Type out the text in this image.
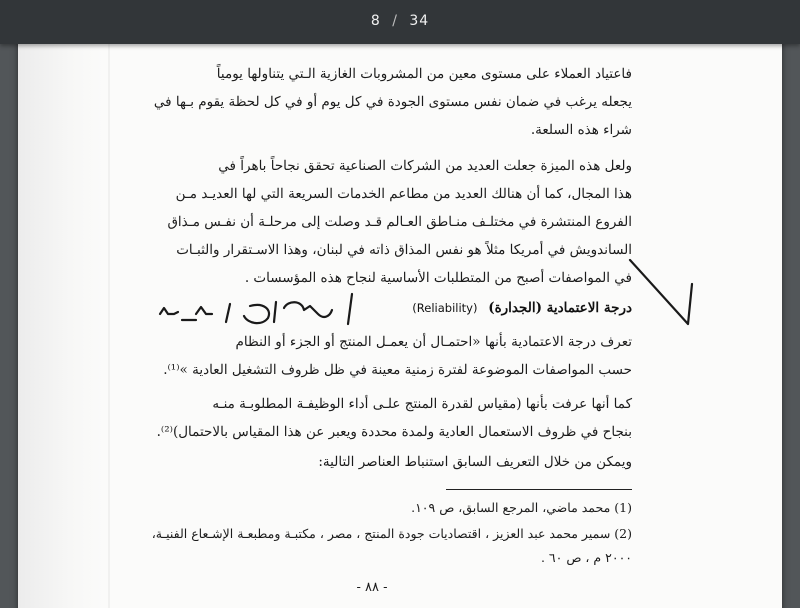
8 / 34
فاعتياد العملاء على مستوى معين من المشروبات الغازية الـتي يتناولها يومياً
يجعله يرغب في ضمان نفس مستوى الجودة في كل يوم أو في كل لحظة يقوم بـها في
شراء هذه السلعة.
ولعل هذه الميزة جعلت العديد من الشركات الصناعية تحقق نجاحاً باهراً في
هذا المجال، كما أن هنالك العديد من مطاعم الخدمات السريعة التي لها العديـد مـن
الفروع المنتشرة في مختلـف منـاطق العـالم قـد وصلت إلى مرحلـة أن نفـس مـذاق
الساندويش في أمريكا مثلاً هو نفس المذاق ذاته في لبنان، وهذا الاسـتقرار والثبـات
في المواصفات أصبح من المتطلبات الأساسية لنجاح هذه المؤسسات .
درجة الاعتمادية (الجدارة) (Reliability)
تعرف درجة الاعتمادية بأنها «احتمـال أن يعمـل المنتج أو الجزء أو النظام
حسب المواصفات الموضوعة لفترة زمنية معينة في ظل ظروف التشغيل العادية »⁽¹⁾.
كما أنها عرفت بأنها (مقياس لقدرة المنتج علـى أداء الوظيفـة المطلوبـة منـه
بنجاح في ظروف الاستعمال العادية ولمدة محددة ويعبر عن هذا المقياس بالاحتمال)⁽²⁾.
ويمكن من خلال التعريف السابق استنباط العناصر التالية:
(1) محمد ماضي، المرجع السابق، ص ١٠٩.
(2) سمير محمد عبد العزيز ، اقتصاديات جودة المنتج ، مصر ، مكتبـة ومطبعـة الإشـعاع الفنيـة،
٢٠٠٠ م ، ص ٦٠ .
- ٨٨ -
